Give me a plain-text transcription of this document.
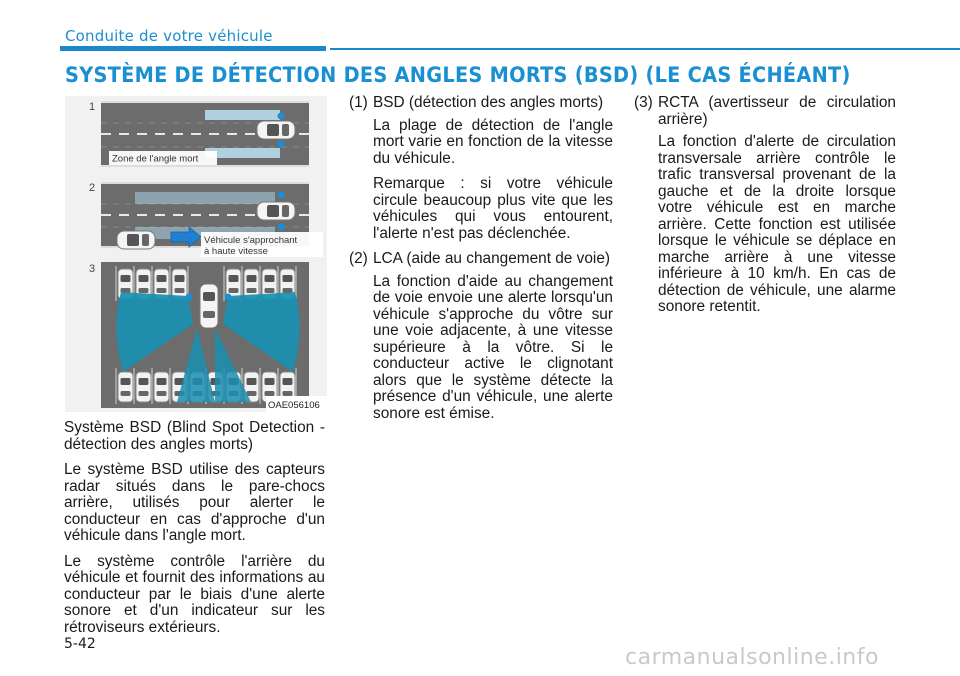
Conduite de votre véhicule
SYSTÈME DE DÉTECTION DES ANGLES MORTS (BSD) (LE CAS ÉCHÉANT)
1
Zone de l'angle mort
2
Véhicule s'approchant
à haute vitesse
3
OAE056106

Système BSD (Blind Spot Detection - détection des angles morts)

Le système BSD utilise des capteurs radar situés dans le pare-chocs arrière, utilisés pour alerter le conducteur en cas d'approche d'un véhicule dans l'angle mort.

Le système contrôle l'arrière du véhicule et fournit des informations au conducteur par le biais d'une alerte sonore et d'un indicateur sur les rétroviseurs extérieurs.

(1) BSD (détection des angles morts)

La plage de détection de l'angle mort varie en fonction de la vitesse du véhicule.

Remarque : si votre véhicule circule beaucoup plus vite que les véhicules qui vous entourent, l'alerte n'est pas déclenchée.

(2) LCA (aide au changement de voie)

La fonction d'aide au changement de voie envoie une alerte lorsqu'un véhicule s'approche du vôtre sur une voie adjacente, à une vitesse supérieure à la vôtre. Si le conducteur active le clignotant alors que le système détecte la présence d'un véhicule, une alerte sonore est émise.

(3) RCTA (avertisseur de circulation arrière)

La fonction d'alerte de circulation transversale arrière contrôle le trafic transversal provenant de la gauche et de la droite lorsque votre véhicule est en marche arrière. Cette fonction est utilisée lorsque le véhicule se déplace en marche arrière à une vitesse inférieure à 10 km/h. En cas de détection de véhicule, une alarme sonore retentit.

5-42
carmanualsonline.info
